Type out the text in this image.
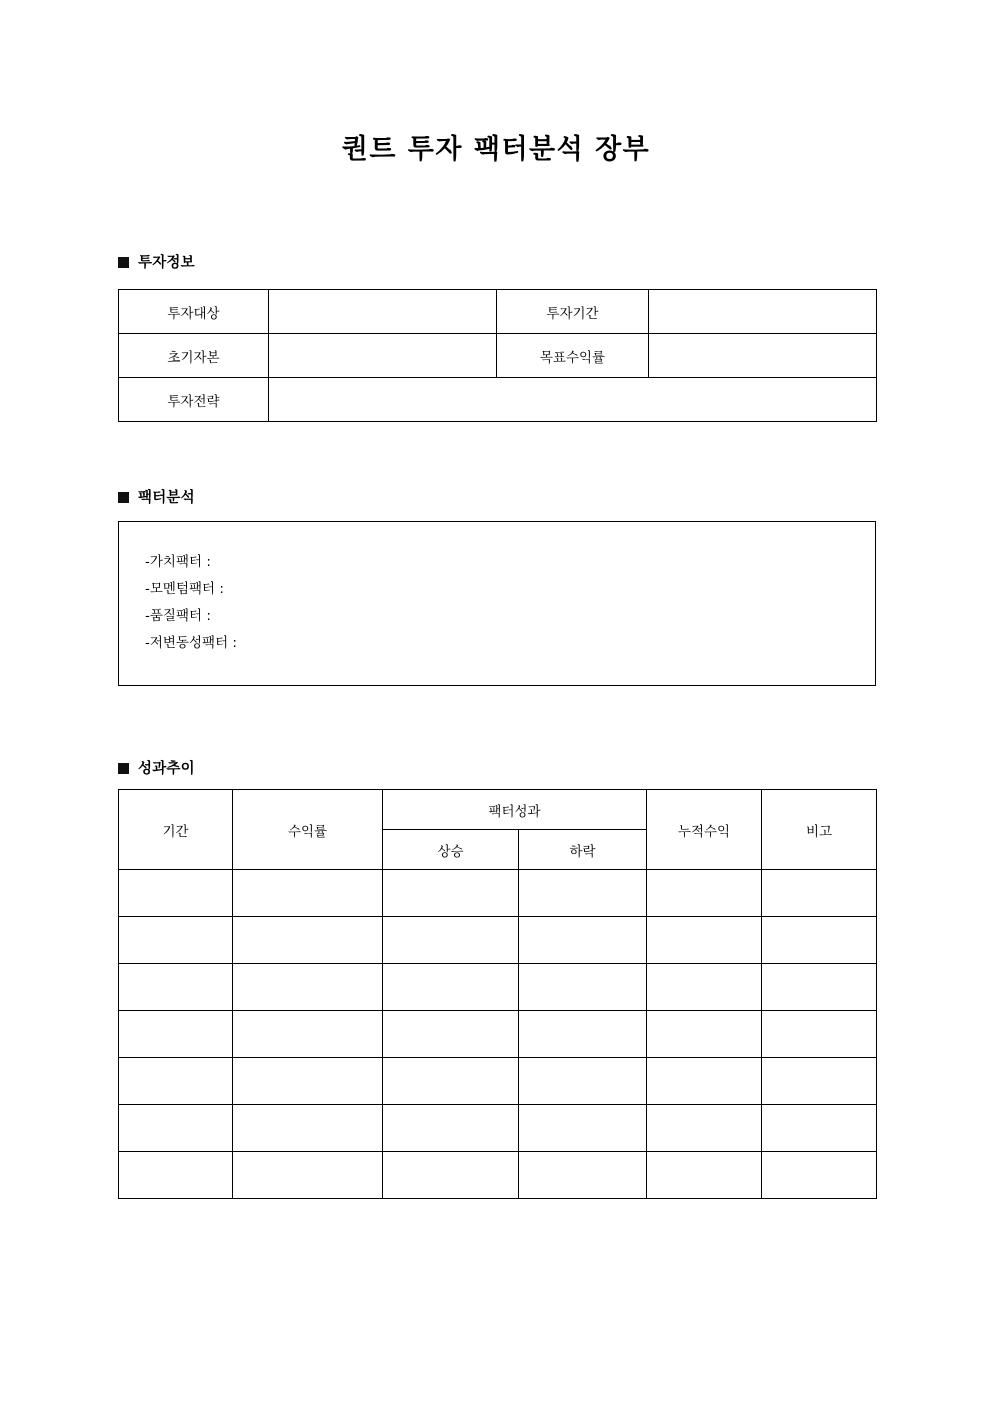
퀀트 투자 팩터분석 장부
투자정보
투자대상		투자기간	
초기자본		목표수익률	
투자전략			
팩터분석
-가치팩터 :
-모멘텀팩터 :
-품질팩터 :
-저변동성팩터 :
성과추이
기간	수익률	팩터성과		누적수익	비고
		상승	하락		
